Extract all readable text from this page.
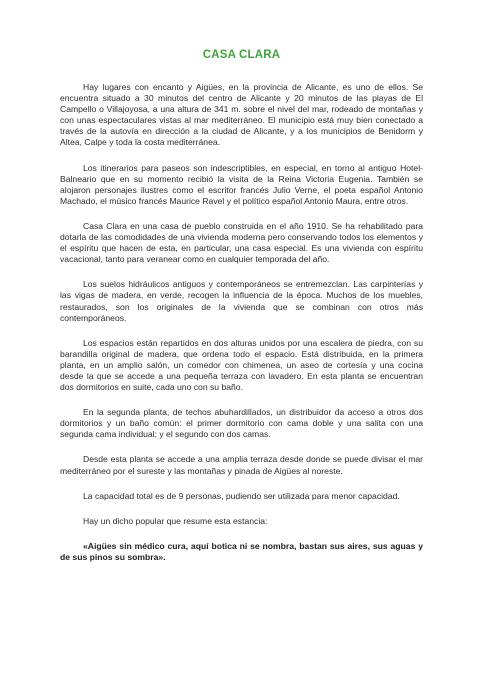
CASA CLARA

Hay lugares con encanto y Aigües, en la provincia de Alicante, es uno de ellos. Se encuentra situado a 30 minutos del centro de Alicante y 20 minutos de las playas de El Campello o Villajoyosa, a una altura de 341 m. sobre el nivel del mar, rodeado de montañas y con unas espectaculares vistas al mar mediterráneo. El municipio está muy bien conectado a través de la autovía en dirección a la ciudad de Alicante, y a los municipios de Benidorm y Altea, Calpe y toda la costa mediterránea.

Los itinerarios para paseos son indescriptibles, en especial, en torno al antiguo Hotel-Balneario que en su momento recibió la visita de la Reina Victoria Eugenia. También se alojaron personajes ilustres como el escritor francés Julio Verne, el poeta español Antonio Machado, el músico francés Maurice Ravel y el político español Antonio Maura, entre otros.

Casa Clara en una casa de pueblo construida en el año 1910. Se ha rehabilitado para dotarla de las comodidades de una vivienda moderna pero conservando todos los elementos y el espíritu que hacen de esta, en particular, una casa especial. Es una vivienda con espíritu vacacional, tanto para veranear como en cualquier temporada del año.

Los suelos hidráulicos antiguos y contemporáneos se entremezclan. Las carpinterías y las vigas de madera, en verde, recogen la influencia de la época. Muchos de los muebles, restaurados, son los originales de la vivienda que se combinan con otros más contemporáneos.

Los espacios están repartidos en dos alturas unidos por una escalera de piedra, con su barandilla original de madera, que ordena todo el espacio. Está distribuida, en la primera planta, en un amplio salón, un comedor con chimenea, un aseo de cortesía y una cocina desde la que se accede a una pequeña terraza con lavadero. En esta planta se encuentran dos dormitorios en suite, cada uno con su baño.

En la segunda planta, de techos abuhardillados, un distribuidor da acceso a otros dos dormitorios y un baño común: el primer dormitorio con cama doble y una salita con una segunda cama individual; y el segundo con dos camas.

Desde esta planta se accede a una amplia terraza desde donde se puede divisar el mar mediterráneo por el sureste y las montañas y pinada de Aigües al noreste.

La capacidad total es de 9 personas, pudiendo ser utilizada para menor capacidad.

Hay un dicho popular que resume esta estancia:

«Aigües sin médico cura, aquí botica ni se nombra, bastan sus aires, sus aguas y de sus pinos su sombra».
